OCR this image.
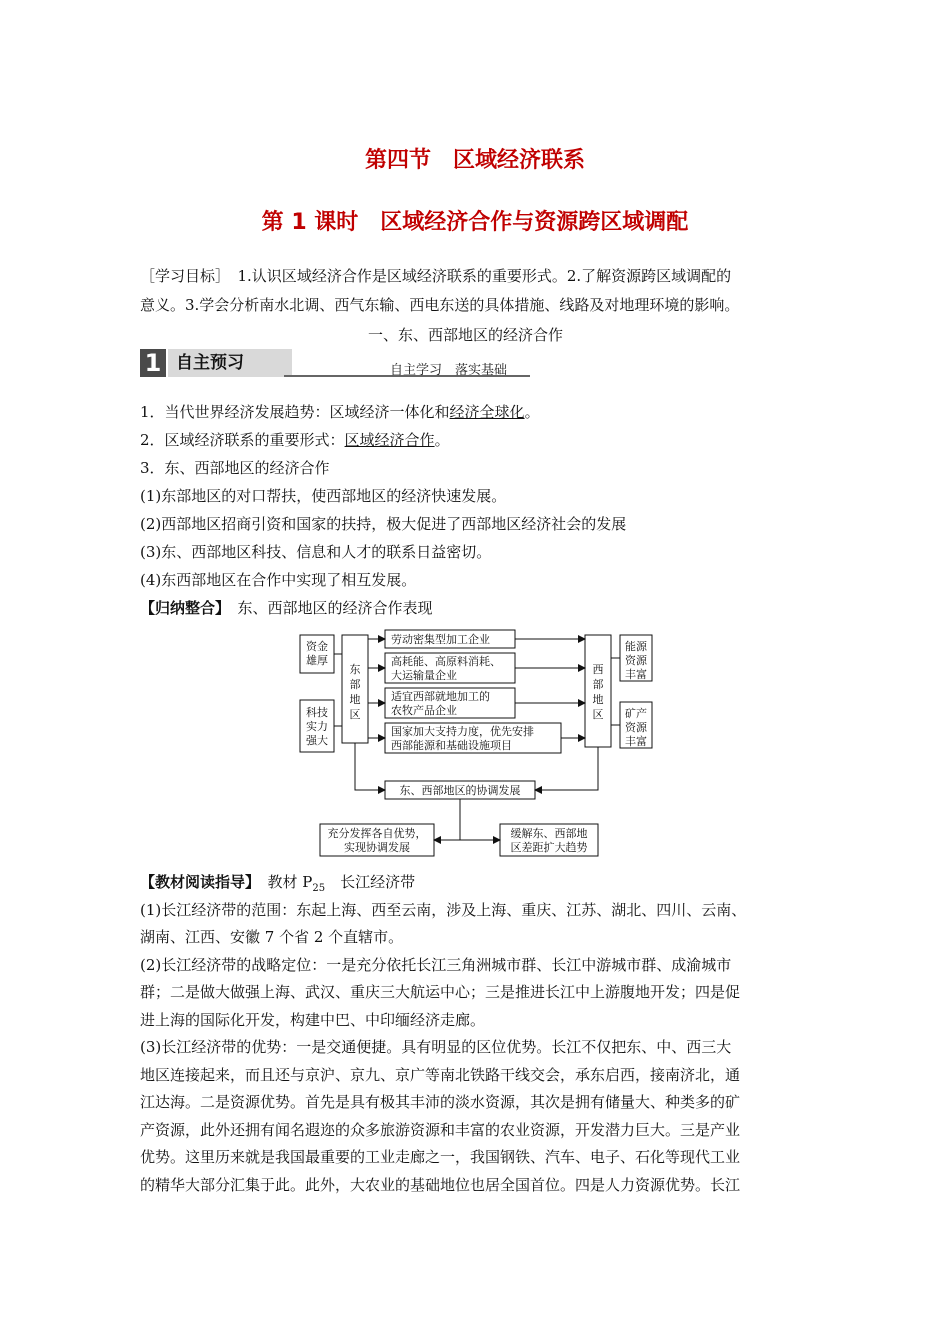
第四节　区域经济联系
第 1 课时　区域经济合作与资源跨区域调配
［学习目标］　1.认识区域经济合作是区域经济联系的重要形式。2.了解资源跨区域调配的
意义。3.学会分析南水北调、西气东输、西电东送的具体措施、线路及对地理环境的影响。
一、东、西部地区的经济合作
1 自主预习	自主学习　落实基础
1．当代世界经济发展趋势：区域经济一体化和经济全球化。
2．区域经济联系的重要形式：区域经济合作。
3．东、西部地区的经济合作
(1)东部地区的对口帮扶，使西部地区的经济快速发展。
(2)西部地区招商引资和国家的扶持，极大促进了西部地区经济社会的发展
(3)东、西部地区科技、信息和人才的联系日益密切。
(4)东西部地区在合作中实现了相互发展。
【归纳整合】　东、西部地区的经济合作表现
资金
雄厚
科技
实力
强大
东
部
地
区
劳动密集型加工企业
高耗能、高原料消耗、
大运输量企业
适宜西部就地加工的
农牧产品企业
国家加大支持力度，优先安排
西部能源和基础设施项目
西
部
地
区
能源
资源
丰富
矿产
资源
丰富
东、西部地区的协调发展
充分发挥各自优势，
实现协调发展
缓解东、西部地
区差距扩大趋势
【教材阅读指导】　教材 $P_{25}$　长江经济带
(1)长江经济带的范围：东起上海、西至云南，涉及上海、重庆、江苏、湖北、四川、云南、
湖南、江西、安徽 7 个省 2 个直辖市。
(2)长江经济带的战略定位：一是充分依托长江三角洲城市群、长江中游城市群、成渝城市
群；二是做大做强上海、武汉、重庆三大航运中心；三是推进长江中上游腹地开发；四是促
进上海的国际化开发，构建中巴、中印缅经济走廊。
(3)长江经济带的优势：一是交通便捷。具有明显的区位优势。长江不仅把东、中、西三大
地区连接起来，而且还与京沪、京九、京广等南北铁路干线交会，承东启西，接南济北，通
江达海。二是资源优势。首先是具有极其丰沛的淡水资源，其次是拥有储量大、种类多的矿
产资源，此外还拥有闻名遐迩的众多旅游资源和丰富的农业资源，开发潜力巨大。三是产业
优势。这里历来就是我国最重要的工业走廊之一，我国钢铁、汽车、电子、石化等现代工业
的精华大部分汇集于此。此外，大农业的基础地位也居全国首位。四是人力资源优势。长江
